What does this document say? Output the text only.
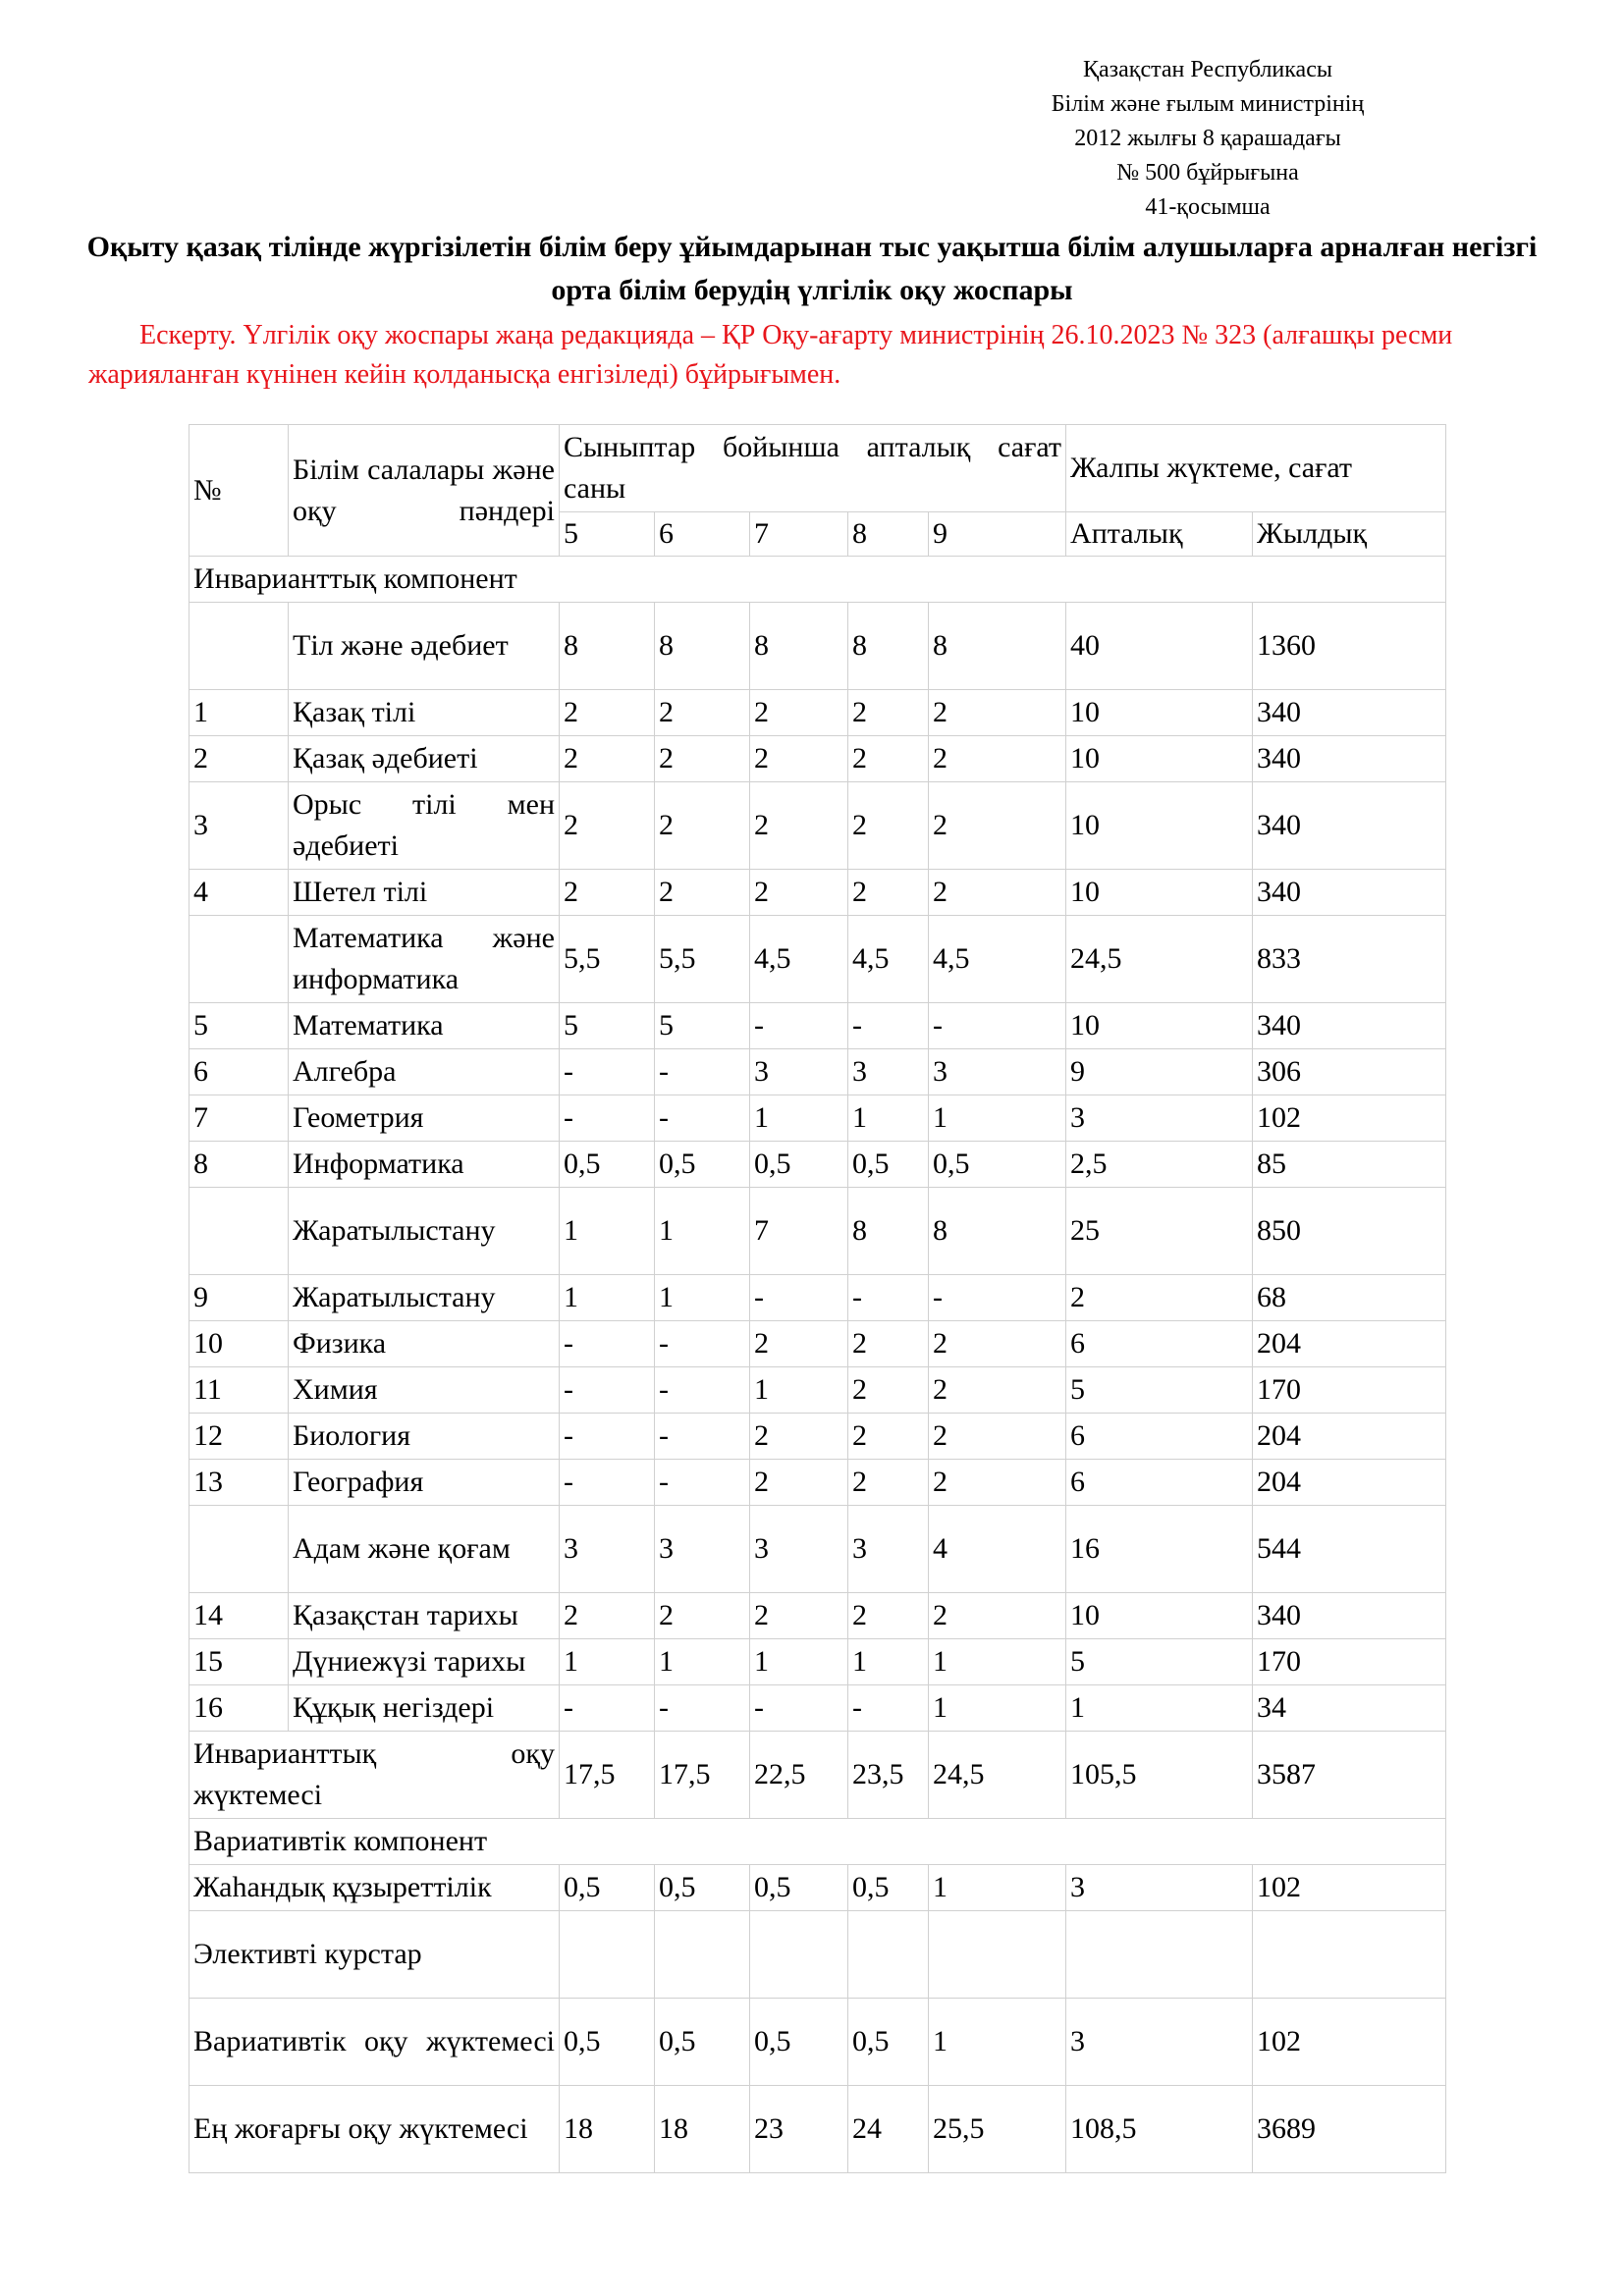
Қазақстан Республикасы
Білім және ғылым министрінің
2012 жылғы 8 қарашадағы
№ 500 бұйрығына
41-қосымша
Оқыту қазақ тілінде жүргізілетін білім беру ұйымдарынан тыс уақытша білім алушыларға арналған негізгі орта білім берудің үлгілік оқу жоспары
Ескерту. Үлгілік оқу жоспары жаңа редакцияда – ҚР Оқу-ағарту министрінің 26.10.2023 № 323 (алғашқы ресми жарияланған күнінен кейін қолданысқа енгізіледі) бұйрығымен.
№	Білім салалары және оқу пәндері	Сыныптар бойынша апталық сағат саны					Жалпы жүктеме, сағат	
		5	6	7	8	9	Апталық	Жылдық
Инварианттық компонент								
	Тіл және әдебиет	8	8	8	8	8	40	1360
1	Қазақ тілі	2	2	2	2	2	10	340
2	Қазақ әдебиеті	2	2	2	2	2	10	340
3	Орыс тілі мен әдебиеті	2	2	2	2	2	10	340
4	Шетел тілі	2	2	2	2	2	10	340
	Математика және информатика	5,5	5,5	4,5	4,5	4,5	24,5	833
5	Математика	5	5	-	-	-	10	340
6	Алгебра	-	-	3	3	3	9	306
7	Геометрия	-	-	1	1	1	3	102
8	Информатика	0,5	0,5	0,5	0,5	0,5	2,5	85
	Жаратылыстану	1	1	7	8	8	25	850
9	Жаратылыстану	1	1	-	-	-	2	68
10	Физика	-	-	2	2	2	6	204
11	Химия	-	-	1	2	2	5	170
12	Биология	-	-	2	2	2	6	204
13	География	-	-	2	2	2	6	204
	Адам және қоғам	3	3	3	3	4	16	544
14	Қазақстан тарихы	2	2	2	2	2	10	340
15	Дүниежүзі тарихы	1	1	1	1	1	5	170
16	Құқық негіздері	-	-	-	-	1	1	34
Инварианттық оқу жүктемесі		17,5	17,5	22,5	23,5	24,5	105,5	3587
Вариативтік компонент								
Жаһандық құзыреттілік		0,5	0,5	0,5	0,5	1	3	102
Элективті курстар								
Вариативтік оқу жүктемесі		0,5	0,5	0,5	0,5	1	3	102
Ең жоғарғы оқу жүктемесі		18	18	23	24	25,5	108,5	3689
